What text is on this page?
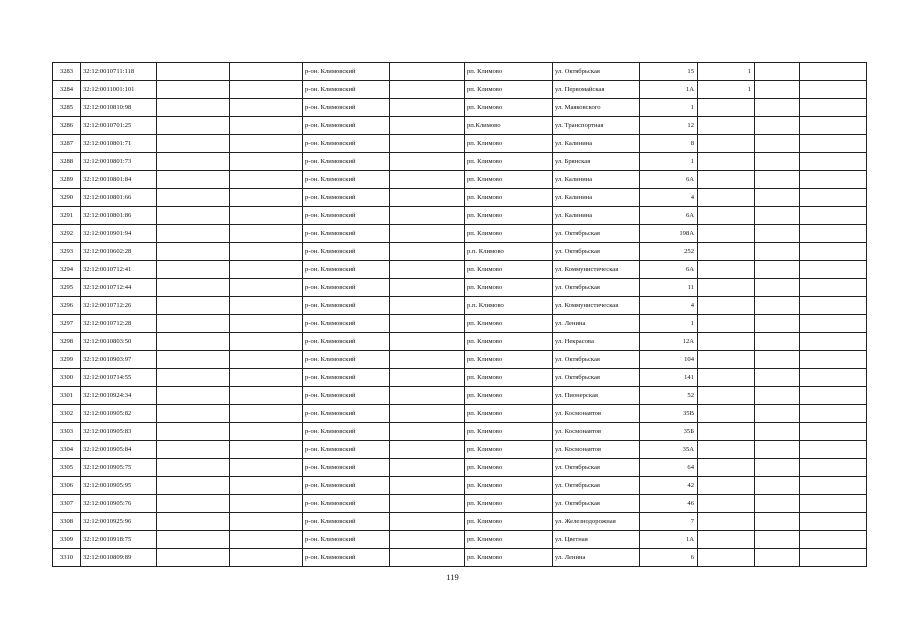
3283	32:12:0010711:118			р-он. Климовский		рп. Климово	ул. Октябрьская	15	1		
3284	32:12:0011001:101			р-он. Климовский		рп. Климово	ул. Первомайская	1А	1		
3285	32:12:0010810:98			р-он. Климовский		рп. Климово	ул. Маяковского	1			
3286	32:12:0010701:25			р-он. Климовский		рп.Климово	ул. Транспортная	12			
3287	32:12:0010801:71			р-он. Климовский		рп. Климово	ул. Калинина	8			
3288	32:12:0010801:73			р-он. Климовский		рп. Климово	ул. Брянская	1			
3289	32:12:0010801:84			р-он. Климовский		рп. Климово	ул. Калинина	6А			
3290	32:12:0010801:66			р-он. Климовский		рп. Климово	ул. Калинина	4			
3291	32:12:0010801:86			р-он. Климовский		рп. Климово	ул. Калинина	6А			
3292	32:12:0010901:94			р-он. Климовский		рп. Климово	ул. Октябрьская	198А			
3293	32:12:0010602:28			р-он. Климовский		р.п. Климово	ул. Октябрьская	252			
3294	32:12:0010712:41			р-он. Климовский		рп. Климово	ул. Коммунистическая	6А			
3295	32:12:0010712:44			р-он. Климовский		рп. Климово	ул. Октябрьская	11			
3296	32:12:0010712:26			р-он. Климовский		р.п. Климово	ул. Коммунистическая	4			
3297	32:12:0010712:28			р-он. Климовский		рп. Климово	ул. Ленина	1			
3298	32:12:0010803:50			р-он. Климовский		рп. Климово	ул. Некрасова	12А			
3299	32:12:0010903:97			р-он. Климовский		рп. Климово	ул. Октябрьская	104			
3300	32:12:0010714:55			р-он. Климовский		рп. Климово	ул. Октябрьская	141			
3301	32:12:0010924:34			р-он. Климовский		рп. Климово	ул. Пионерская	52			
3302	32:12:0010905:82			р-он. Климовский		рп. Климово	ул. Космонавтов	35В			
3303	32:12:0010905:83			р-он. Климовский		рп. Климово	ул. Космонавтов	35Б			
3304	32:12:0010905:84			р-он. Климовский		рп. Климово	ул. Космонавтов	35А			
3305	32:12:0010905:75			р-он. Климовский		рп. Климово	ул. Октябрьская	64			
3306	32:12:0010905:95			р-он. Климовский		рп. Климово	ул. Октябрьская	42			
3307	32:12:0010905:76			р-он. Климовский		рп. Климово	ул. Октябрьская	46			
3308	32:12:0010925:96			р-он. Климовский		рп. Климово	ул. Железнодорожная	7			
3309	32:12:0010918:75			р-он. Климовский		рп. Климово	ул. Цветная	1А			
3310	32:12:0010809:89			р-он. Климовский		рп. Климово	ул. Ленина	6			
119
